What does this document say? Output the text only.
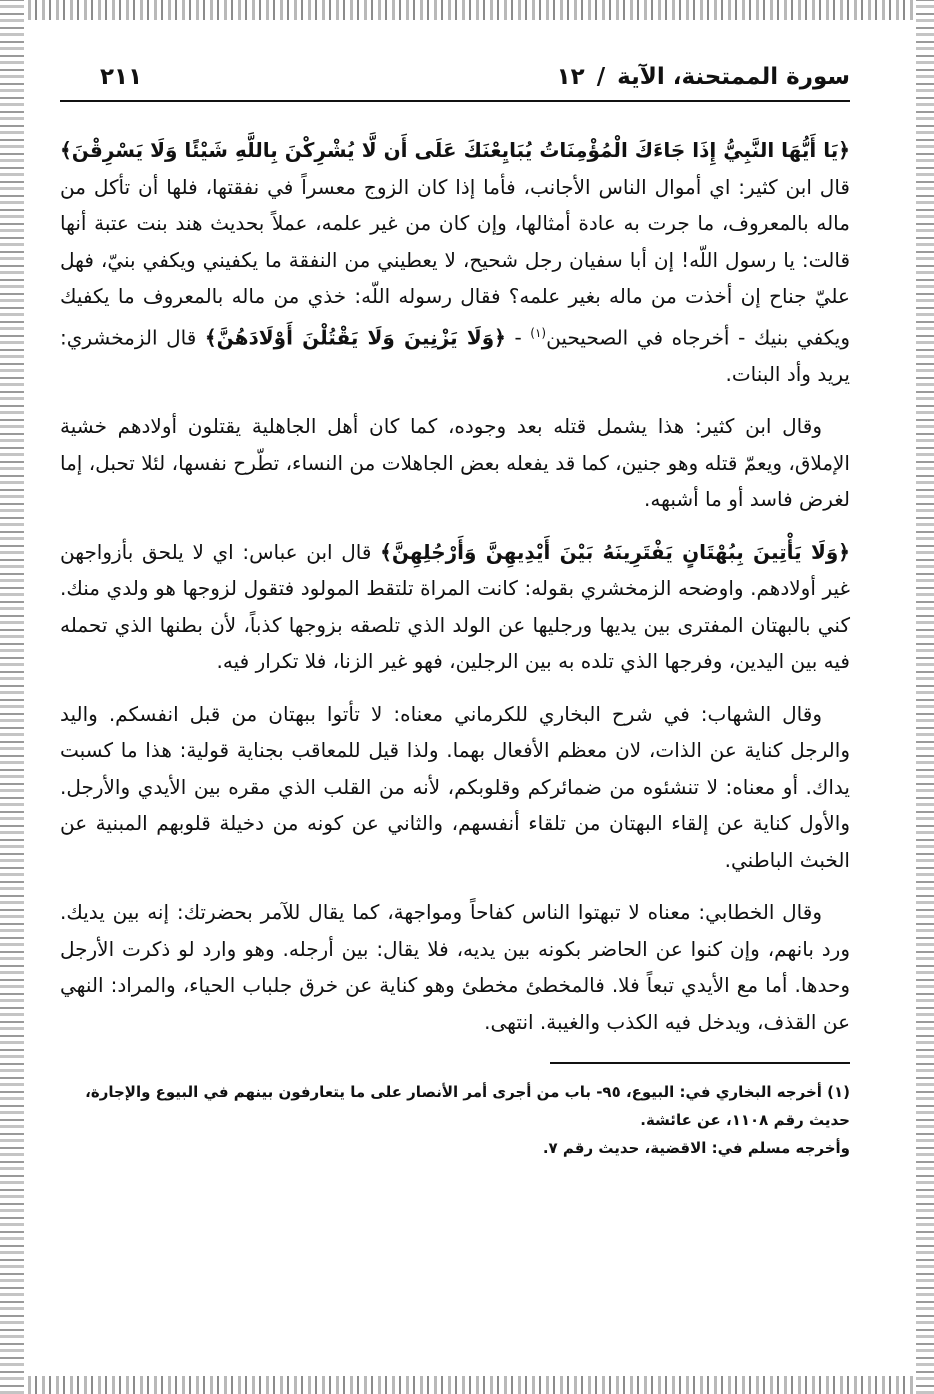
سورة الممتحنة، الآية/١٢
٢١١

﴿يَا أَيُّهَا النَّبِيُّ إِذَا جَاءَكَ الْمُؤْمِنَاتُ يُبَايِعْنَكَ عَلَى أَن لَّا يُشْرِكْنَ بِاللَّهِ شَيْئًا وَلَا يَسْرِقْنَ﴾ قال ابن كثير: اي أموال الناس الأجانب، فأما إذا كان الزوج معسراً في نفقتها، فلها أن تأكل من ماله بالمعروف، ما جرت به عادة أمثالها، وإن كان من غير علمه، عملاً بحديث هند بنت عتبة أنها قالت: يا رسول اللّه! إن أبا سفيان رجل شحيح، لا يعطيني من النفقة ما يكفيني ويكفي بنيّ، فهل عليّ جناح إن أخذت من ماله بغير علمه؟ فقال رسوله اللّه: خذي من ماله بالمعروف ما يكفيك ويكفي بنيك - أخرجاه في الصحيحين$^{(١)}$ - ﴿وَلَا يَزْنِينَ وَلَا يَقْتُلْنَ أَوْلَادَهُنَّ﴾ قال الزمخشري: يريد وأد البنات.

وقال ابن كثير: هذا يشمل قتله بعد وجوده، كما كان أهل الجاهلية يقتلون أولادهم خشية الإملاق، ويعمّ قتله وهو جنين، كما قد يفعله بعض الجاهلات من النساء، تطّرح نفسها، لئلا تحبل، إما لغرض فاسد أو ما أشبهه.

﴿وَلَا يَأْتِينَ بِبُهْتَانٍ يَفْتَرِينَهُ بَيْنَ أَيْدِيهِنَّ وَأَرْجُلِهِنَّ﴾ قال ابن عباس: اي لا يلحق بأزواجهن غير أولادهم. واوضحه الزمخشري بقوله: كانت المراة تلتقط المولود فتقول لزوجها هو ولدي منك. كني بالبهتان المفترى بين يديها ورجليها عن الولد الذي تلصقه بزوجها كذباً، لأن بطنها الذي تحمله فيه بين اليدين، وفرجها الذي تلده به بين الرجلين، فهو غير الزنا، فلا تكرار فيه.

وقال الشهاب: في شرح البخاري للكرماني معناه: لا تأتوا ببهتان من قبل انفسكم. واليد والرجل كناية عن الذات، لان معظم الأفعال بهما. ولذا قيل للمعاقب بجناية قولية: هذا ما كسبت يداك. أو معناه: لا تنشئوه من ضمائركم وقلوبكم، لأنه من القلب الذي مقره بين الأيدي والأرجل. والأول كناية عن إلقاء البهتان من تلقاء أنفسهم، والثاني عن كونه من دخيلة قلوبهم المبنية عن الخبث الباطني.

وقال الخطابي: معناه لا تبهتوا الناس كفاحاً ومواجهة، كما يقال للآمر بحضرتك: إنه بين يديك. ورد بانهم، وإن كنوا عن الحاضر بكونه بين يديه، فلا يقال: بين أرجله. وهو وارد لو ذكرت الأرجل وحدها. أما مع الأيدي تبعاً فلا. فالمخطئ مخطئ وهو كناية عن خرق جلباب الحياء، والمراد: النهي عن القذف، ويدخل فيه الكذب والغيبة. انتهى.

(١) أخرجه البخاري في: البيوع، ٩٥- باب من أجرى أمر الأنصار على ما يتعارفون بينهم في البيوع والإجارة، حديث رقم ١١٠٨، عن عائشة.

وأخرجه مسلم في: الاقضية، حديث رقم ٧.
